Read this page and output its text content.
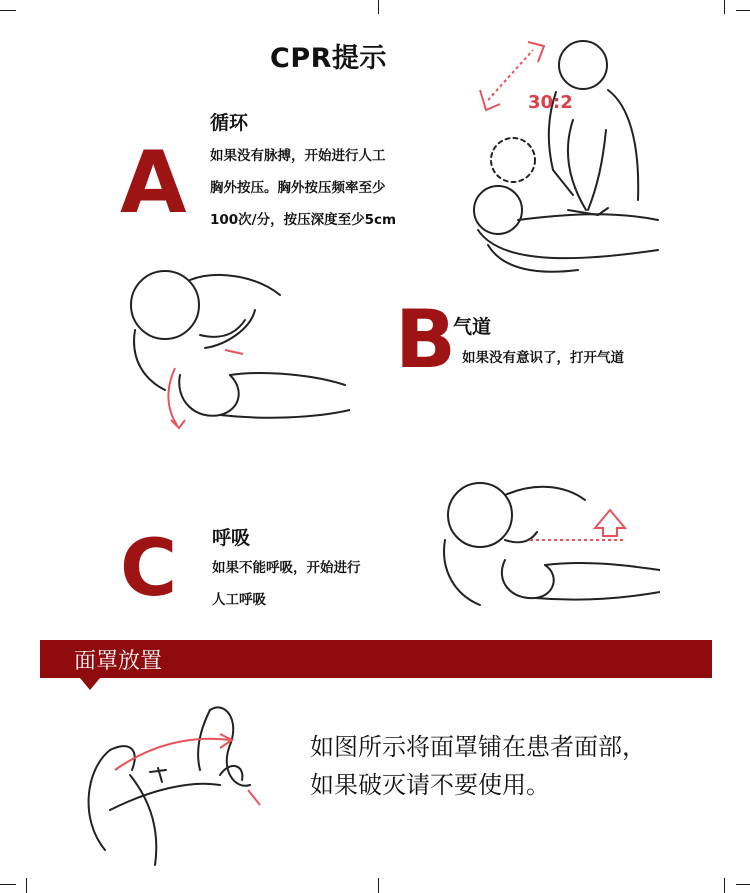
CPR提示
A
循环
如果没有脉搏，开始进行人工
胸外按压。胸外按压频率至少
100次/分，按压深度至少5cm
30:2
B
气道
如果没有意识了，打开气道
C 呼吸
如果不能呼吸，开始进行
人工呼吸
面罩放置
如图所示将面罩铺在患者面部，
如果破灭请不要使用。
